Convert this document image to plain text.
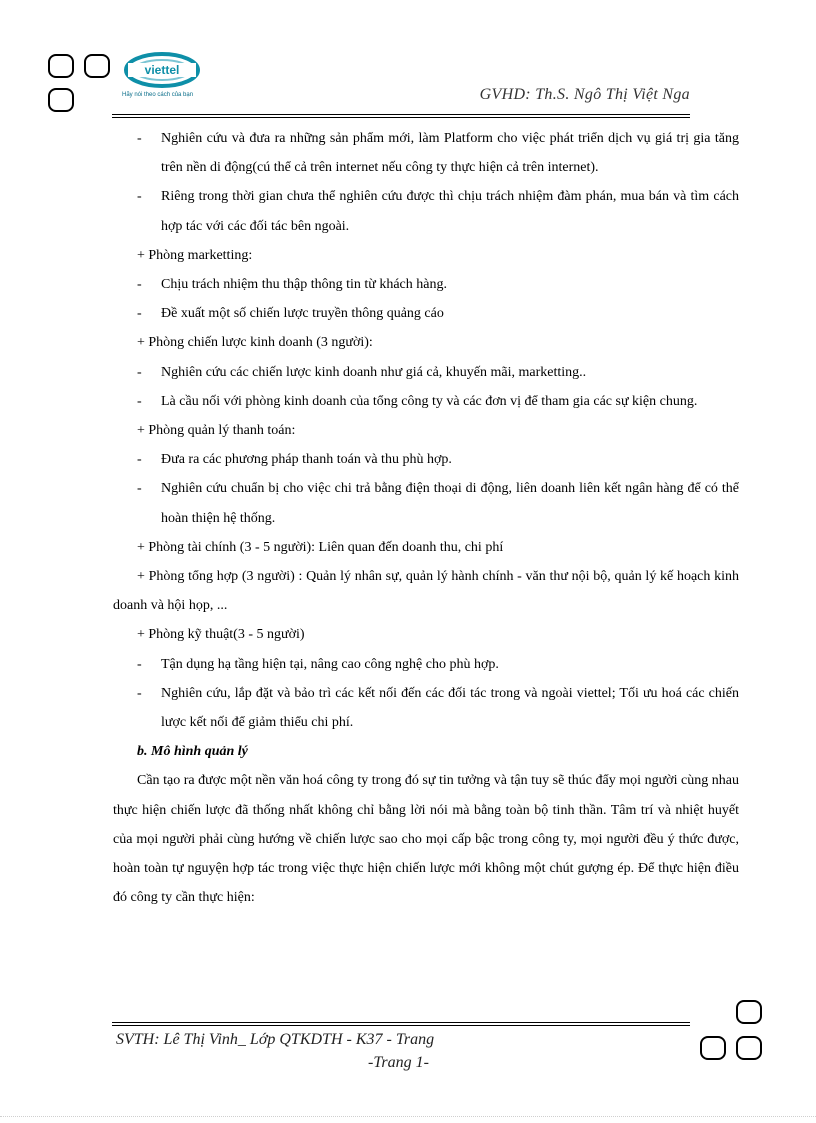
viettel
Hãy nói theo cách của bạn	GVHD: Th.S. Ngô Thị Việt Nga
- Nghiên cứu và đưa ra những sản phẩm mới, làm Platform cho việc phát triển dịch vụ giá trị gia tăng trên nền di động(cú thể cả trên internet nếu công ty thực hiện cả trên internet).
- Riêng trong thời gian chưa thể nghiên cứu được thì chịu trách nhiệm đàm phán, mua bán và tìm cách hợp tác với các đối tác bên ngoài.
+ Phòng marketting:
- Chịu trách nhiệm thu thập thông tin từ khách hàng.
- Đề xuất một số chiến lược truyền thông quảng cáo
+ Phòng chiến lược kinh doanh (3 người):
- Nghiên cứu các chiến lược kinh doanh như giá cả, khuyến mãi, marketting..
- Là cầu nối với phòng kinh doanh của tổng công ty và các đơn vị để tham gia các sự kiện chung.
+ Phòng quản lý thanh toán:
- Đưa ra các phương pháp thanh toán và thu phù hợp.
- Nghiên cứu chuẩn bị cho việc chi trả bằng điện thoại di động, liên doanh liên kết ngân hàng để có thể hoàn thiện hệ thống.
+ Phòng tài chính (3 - 5 người): Liên quan đến doanh thu, chi phí
+ Phòng tổng hợp (3 người) : Quản lý nhân sự, quản lý hành chính - văn thư nội bộ, quản lý kế hoạch kinh doanh và hội họp, ...
+ Phòng kỹ thuật(3 - 5 người)
- Tận dụng hạ tầng hiện tại, nâng cao công nghệ cho phù hợp.
- Nghiên cứu, lắp đặt và bảo trì các kết nối đến các đối tác trong và ngoài viettel; Tối ưu hoá các chiến lược kết nối để giảm thiểu chi phí.
b. Mô hình quản lý
Cần tạo ra được một nền văn hoá công ty trong đó sự tin tưởng và tận tuy sẽ thúc đẩy mọi người cùng nhau thực hiện chiến lược đã thống nhất không chỉ bằng lời nói mà bằng toàn bộ tinh thần. Tâm trí và nhiệt huyết của mọi người phải cùng hướng về chiến lược sao cho mọi cấp bậc trong công ty, mọi người đều ý thức được, hoàn toàn tự nguyện hợp tác trong việc thực hiện chiến lược mới không một chút gượng ép. Để thực hiện điều đó công ty cần thực hiện:
SVTH: Lê Thị Vinh_ Lớp QTKDTH - K37 - Trang
-Trang 1-
